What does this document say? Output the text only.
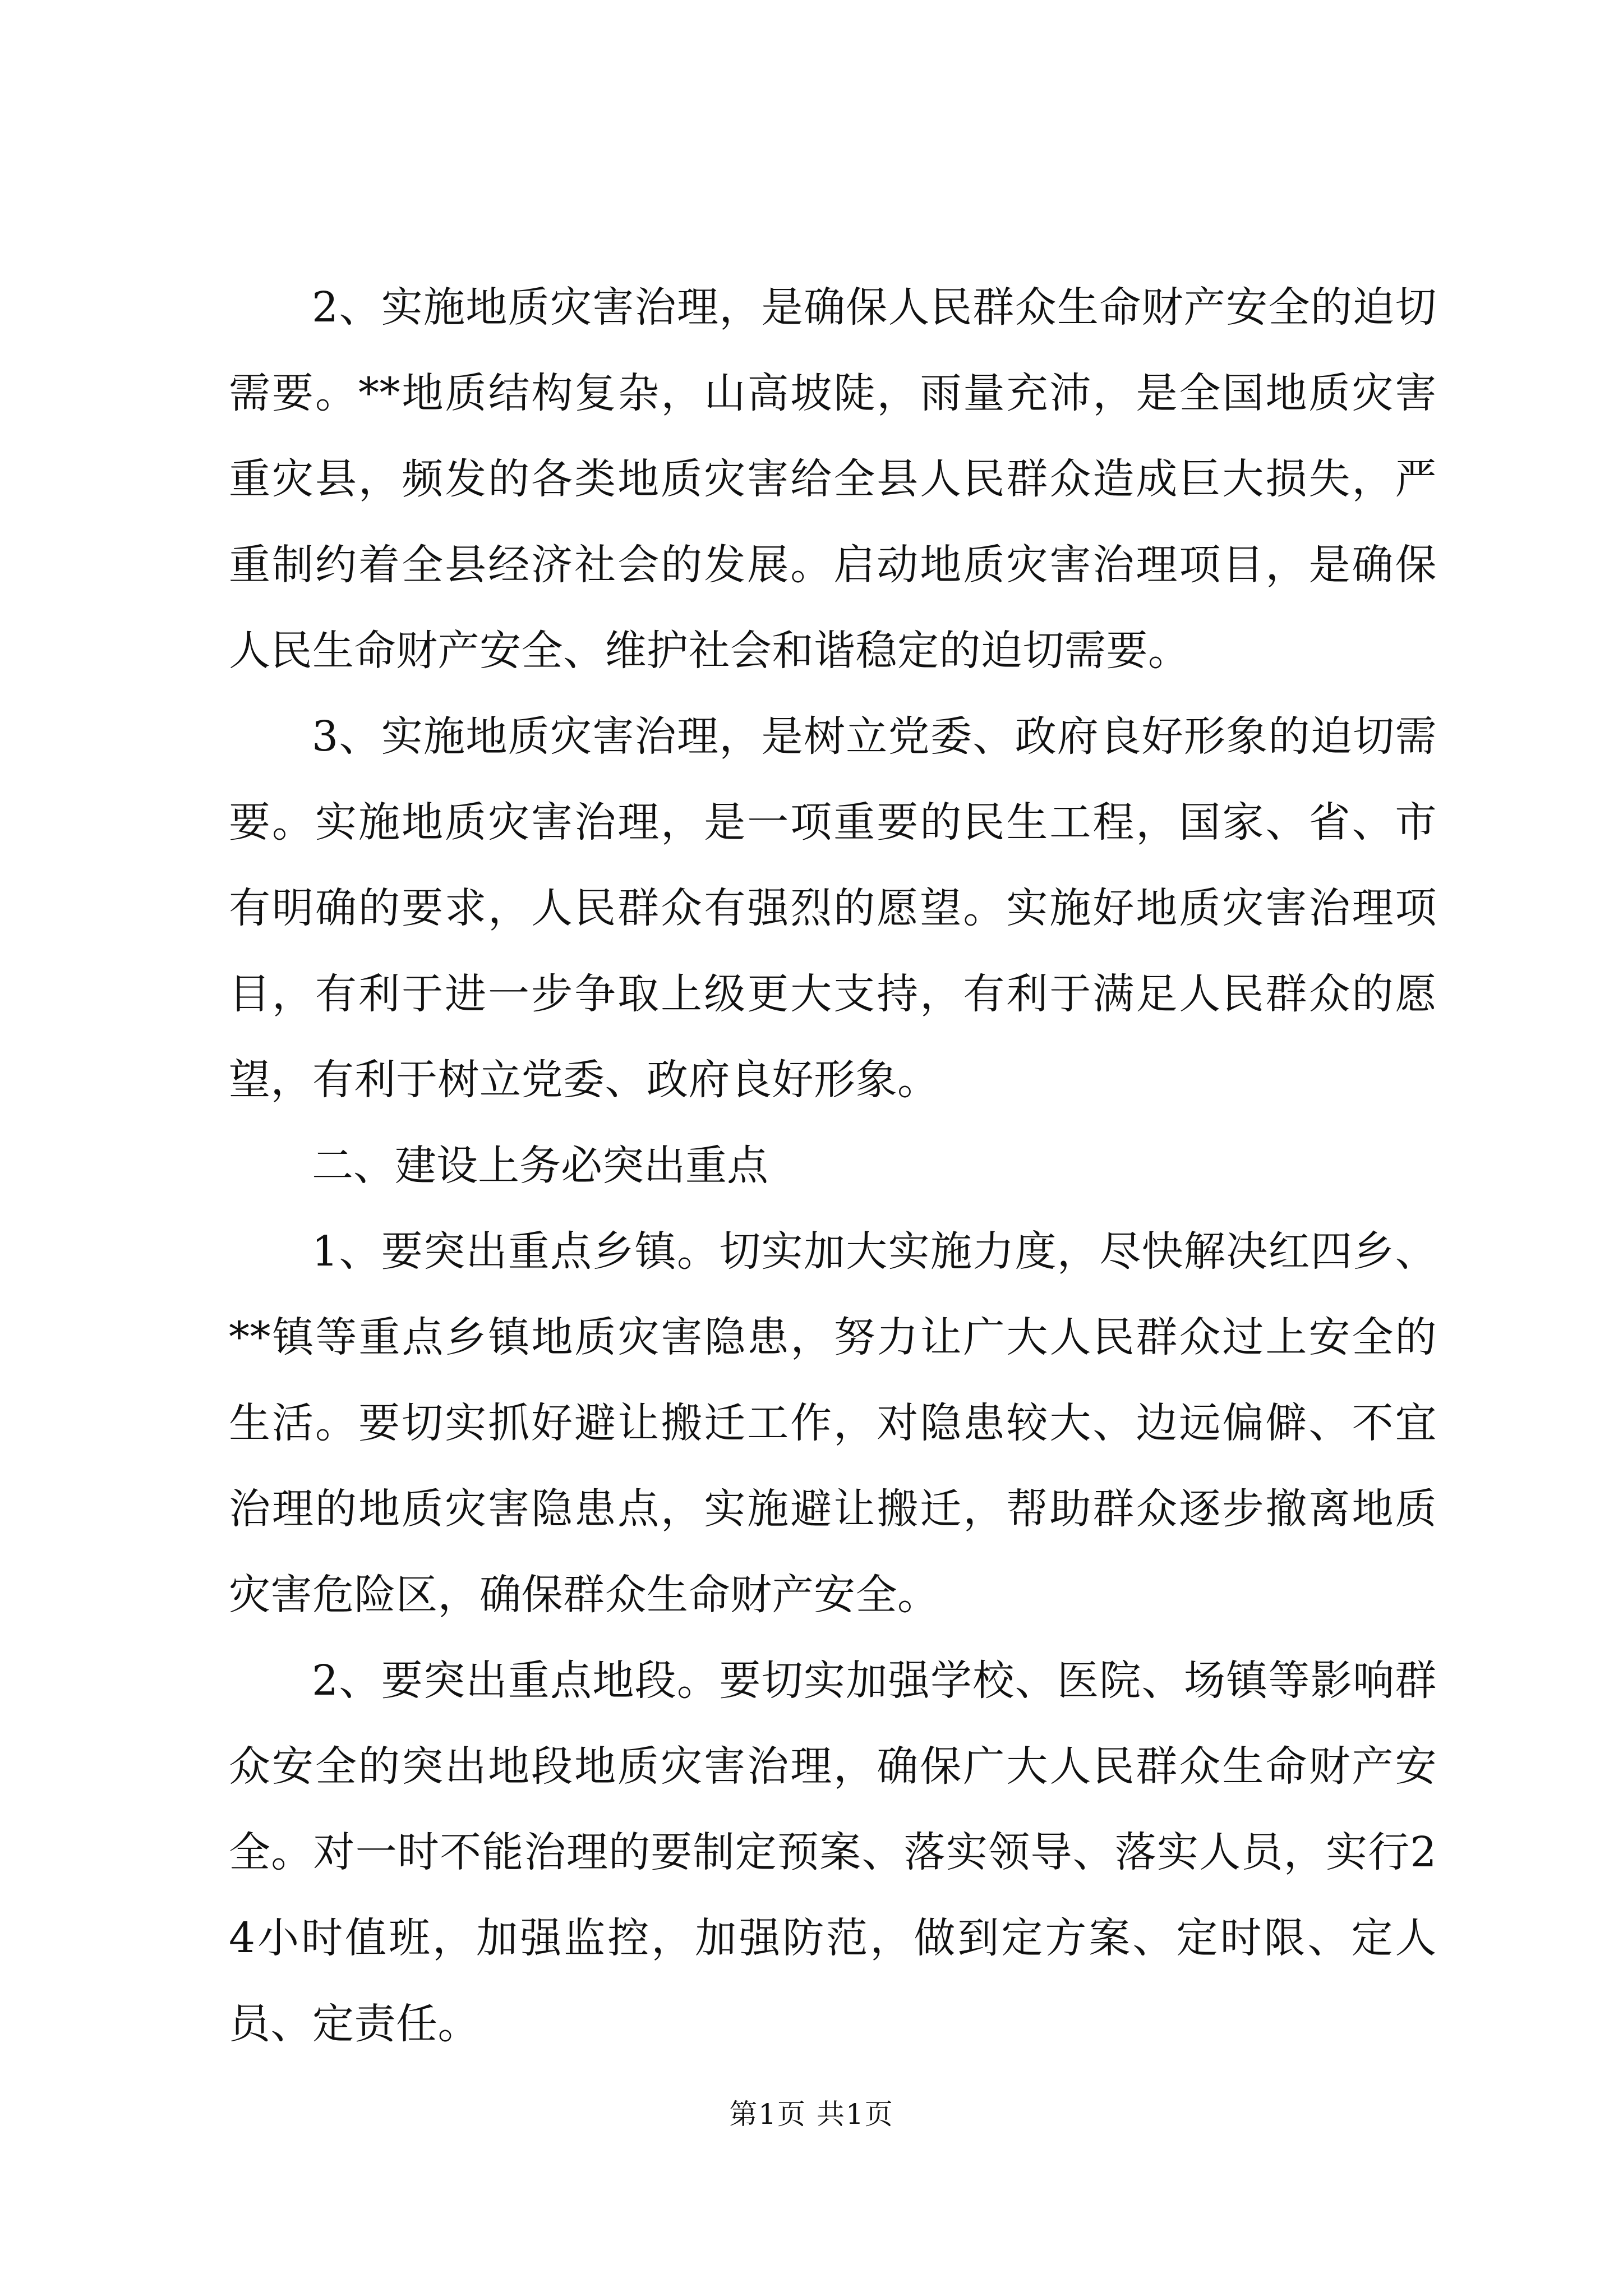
2、实施地质灾害治理，是确保人民群众生命财产安全的迫切需要。**地质结构复杂，山高坡陡，雨量充沛，是全国地质灾害重灾县，频发的各类地质灾害给全县人民群众造成巨大损失，严重制约着全县经济社会的发展。启动地质灾害治理项目，是确保人民生命财产安全、维护社会和谐稳定的迫切需要。

3、实施地质灾害治理，是树立党委、政府良好形象的迫切需要。实施地质灾害治理，是一项重要的民生工程，国家、省、市有明确的要求，人民群众有强烈的愿望。实施好地质灾害治理项目，有利于进一步争取上级更大支持，有利于满足人民群众的愿望，有利于树立党委、政府良好形象。

二、建设上务必突出重点

1、要突出重点乡镇。切实加大实施力度，尽快解决红四乡、**镇等重点乡镇地质灾害隐患，努力让广大人民群众过上安全的生活。要切实抓好避让搬迁工作，对隐患较大、边远偏僻、不宜治理的地质灾害隐患点，实施避让搬迁，帮助群众逐步撤离地质灾害危险区，确保群众生命财产安全。

2、要突出重点地段。要切实加强学校、医院、场镇等影响群众安全的突出地段地质灾害治理，确保广大人民群众生命财产安全。对一时不能治理的要制定预案、落实领导、落实人员，实行24小时值班，加强监控，加强防范，做到定方案、定时限、定人员、定责任。

第1页 共1页
